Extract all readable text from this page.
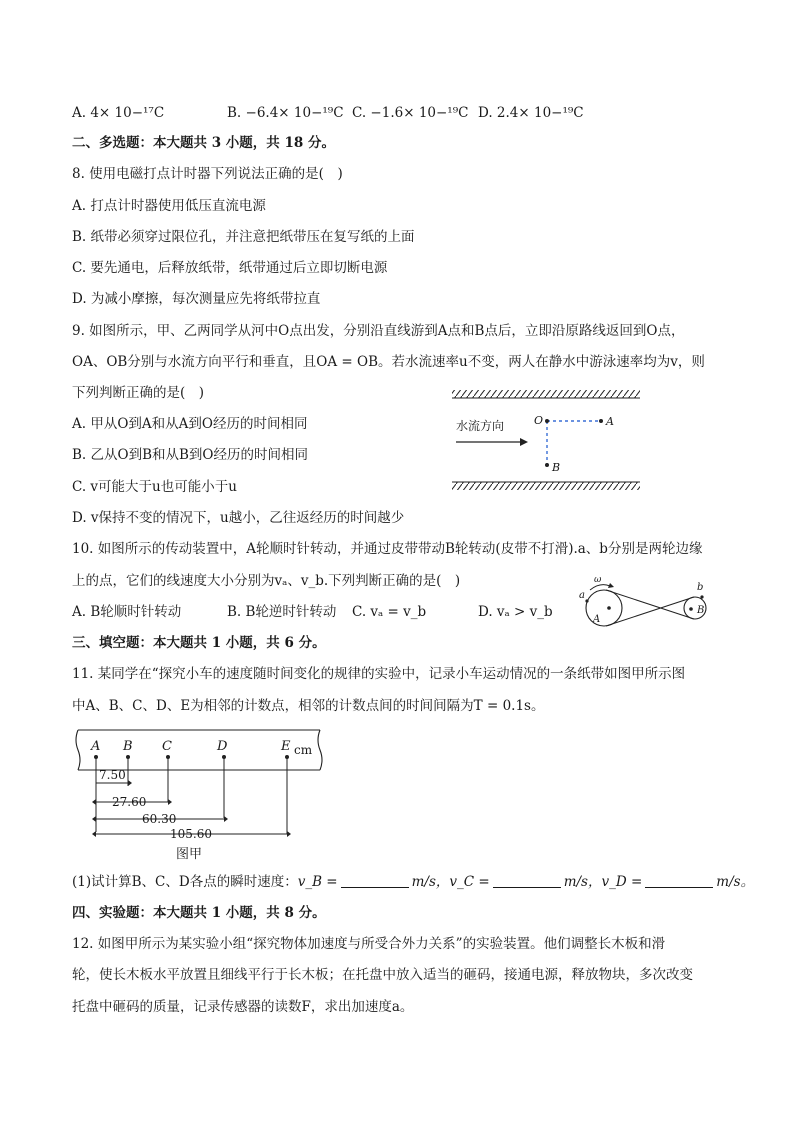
A. 4× 10−¹⁷C	B. −6.4× 10−¹⁹C C. −1.6× 10−¹⁹C D. 2.4× 10−¹⁹C
二、多选题：本大题共 3 小题，共 18 分。
8. 使用电磁打点计时器下列说法正确的是(　)
A. 打点计时器使用低压直流电源
B. 纸带必须穿过限位孔，并注意把纸带压在复写纸的上面
C. 要先通电，后释放纸带，纸带通过后立即切断电源
D. 为减小摩擦，每次测量应先将纸带拉直
9. 如图所示，甲、乙两同学从河中O点出发，分别沿直线游到A点和B点后，立即沿原路线返回到O点，
OA、OB分别与水流方向平行和垂直，且OA = OB。若水流速率u不变，两人在静水中游泳速率均为v，则
下列判断正确的是(　)
A. 甲从O到A和从A到O经历的时间相同
B. 乙从O到B和从B到O经历的时间相同
C. v可能大于u也可能小于u
D. v保持不变的情况下，u越小，乙往返经历的时间越少
水流方向	O	A
B
10. 如图所示的传动装置中，A轮顺时针转动，并通过皮带带动B轮转动(皮带不打滑).a、b分别是两轮边缘
上的点，它们的线速度大小分别为vₐ、v_b.下列判断正确的是(　)
A. B轮顺时针转动	B. B轮逆时针转动 C. vₐ = v_b	D. vₐ > v_b
ω
a
b
A
B
三、填空题：本大题共 1 小题，共 6 分。
11. 某同学在“探究小车的速度随时间变化的规律的实验中，记录小车运动情况的一条纸带如图甲所示图
中A、B、C、D、E为相邻的计数点，相邻的计数点间的时间间隔为T = 0.1s。
A B C	D	E cm
7.50
27.60
60.30
105.60
图甲
(1)试计算B、C、D各点的瞬时速度：v_B =	m/s，v_C =	m/s，v_D =	m/s。
四、实验题：本大题共 1 小题，共 8 分。
12. 如图甲所示为某实验小组“探究物体加速度与所受合外力关系”的实验装置。他们调整长木板和滑
轮，使长木板水平放置且细线平行于长木板；在托盘中放入适当的砸码，接通电源，释放物块，多次改变
托盘中砸码的质量，记录传感器的读数F，求出加速度a。
